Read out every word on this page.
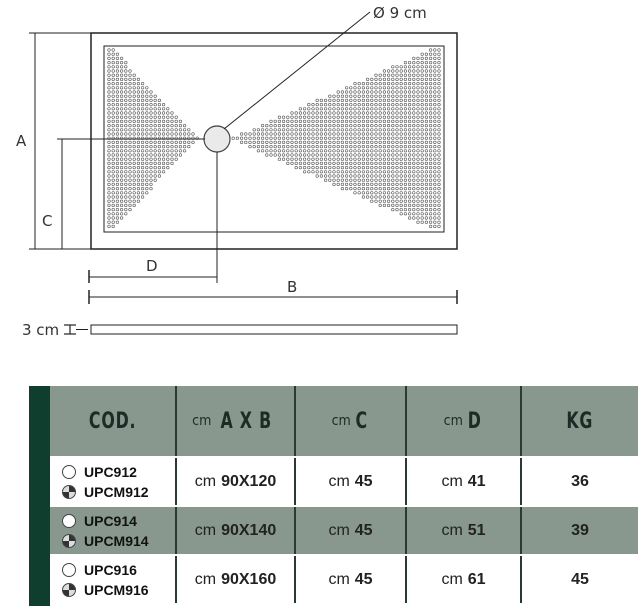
Ø 9 cm
A
C
D
B
3 cm
COD.	cm A X B	cm C	cm D	KG
UPC912
UPCM912
cm 90X120	cm 45	cm 41	36
UPC914
UPCM914
cm 90X140	cm 45	cm 51	39
UPC916
UPCM916
cm 90X160	cm 45	cm 61	45
